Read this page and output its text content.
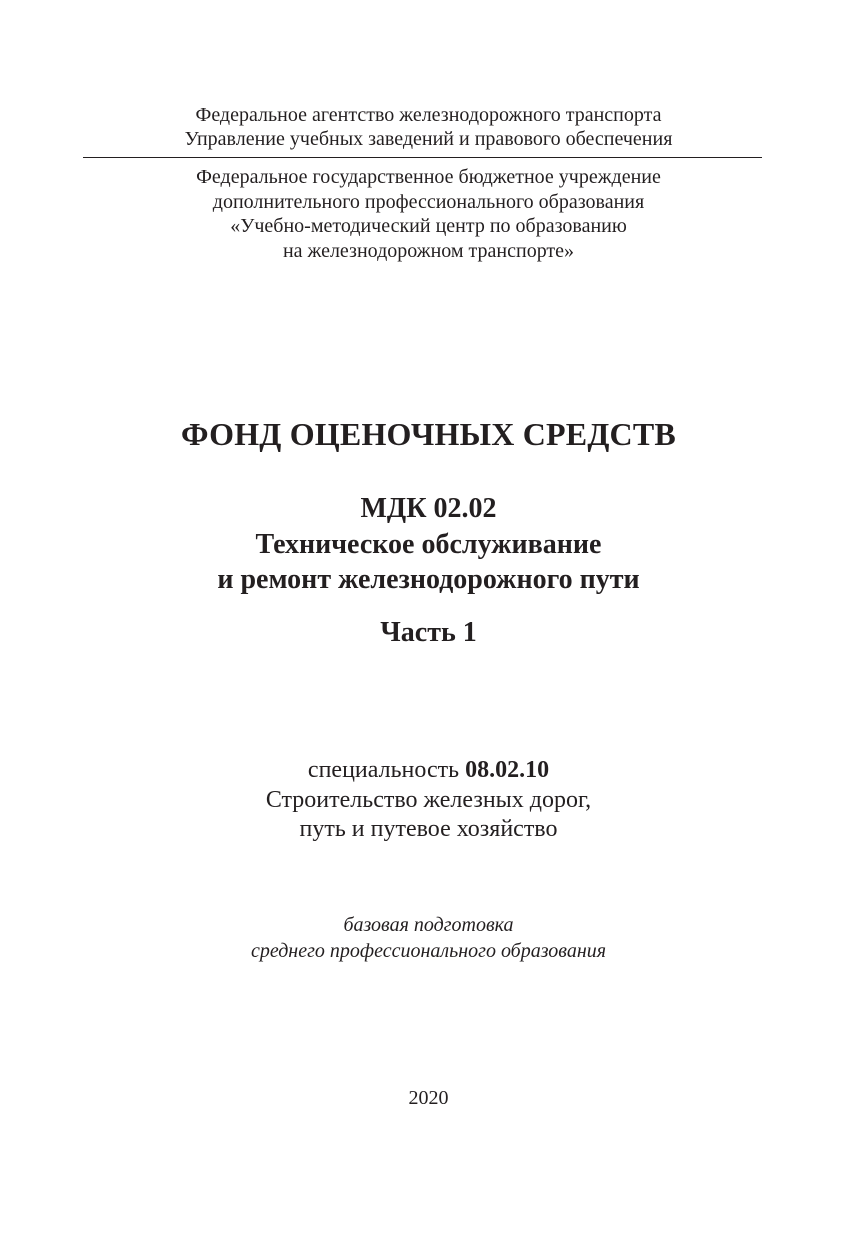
Федеральное агентство железнодорожного транспорта
Управление учебных заведений и правового обеспечения
Федеральное государственное бюджетное учреждение
дополнительного профессионального образования
«Учебно-методический центр по образованию
на железнодорожном транспорте»
ФОНД ОЦЕНОЧНЫХ СРЕДСТВ
МДК 02.02
Техническое обслуживание
и ремонт железнодорожного пути
Часть 1
специальность 08.02.10
Строительство железных дорог,
путь и путевое хозяйство
базовая подготовка
среднего профессионального образования
2020
